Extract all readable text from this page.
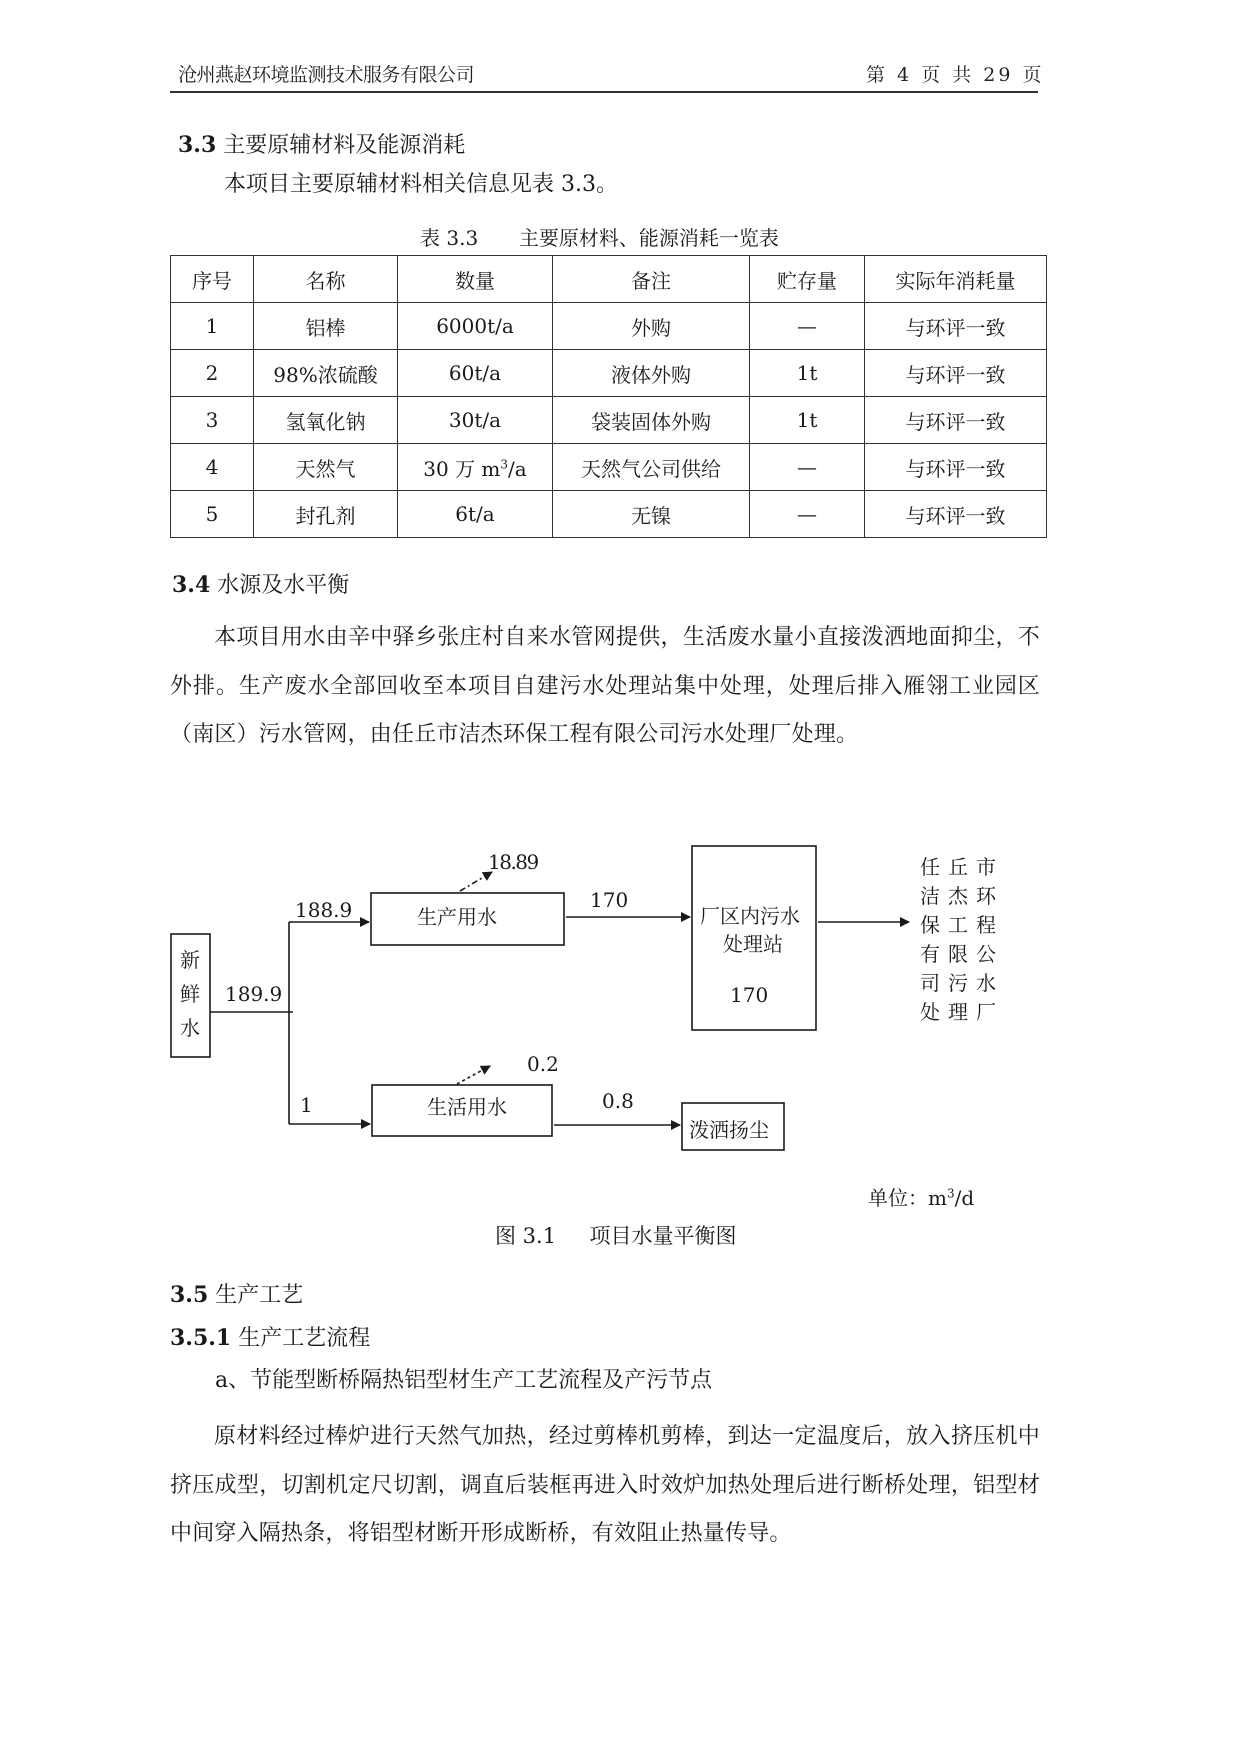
沧州燕赵环境监测技术服务有限公司	第 4 页 共 29 页
3.3 主要原辅材料及能源消耗
本项目主要原辅材料相关信息见表 3.3。
表 3.3 主要原材料、能源消耗一览表
序号	名称	数量	备注	贮存量	实际年消耗量
1	铝棒	6000t/a	外购	—	与环评一致
2	98%浓硫酸	60t/a	液体外购	1t	与环评一致
3	氢氧化钠	30t/a	袋装固体外购	1t	与环评一致
4	天然气	30 万 $m^3/a$	天然气公司供给	—	与环评一致
5	封孔剂	6t/a	无镍	—	与环评一致
3.4 水源及水平衡
本项目用水由辛中驿乡张庄村自来水管网提供，生活废水量小直接泼洒地面抑尘，不外排。生产废水全部回收至本项目自建污水处理站集中处理，处理后排入雁翎工业园区（南区）污水管网，由任丘市洁杰环保工程有限公司污水处理厂处理。
新
鲜
水
189.9
188.9	生产用水
18.89
170
厂区内污水
处理站
170
任丘市洁杰环保工程有限公司污水处理厂
1	生活用水
0.2
0.8
泼洒扬尘
单位：$m^3/d$
图 3.1 项目水量平衡图
3.5 生产工艺
3.5.1 生产工艺流程
a、节能型断桥隔热铝型材生产工艺流程及产污节点
原材料经过棒炉进行天然气加热，经过剪棒机剪棒，到达一定温度后，放入挤压机中挤压成型，切割机定尺切割，调直后装框再进入时效炉加热处理后进行断桥处理，铝型材中间穿入隔热条，将铝型材断开形成断桥，有效阻止热量传导。
